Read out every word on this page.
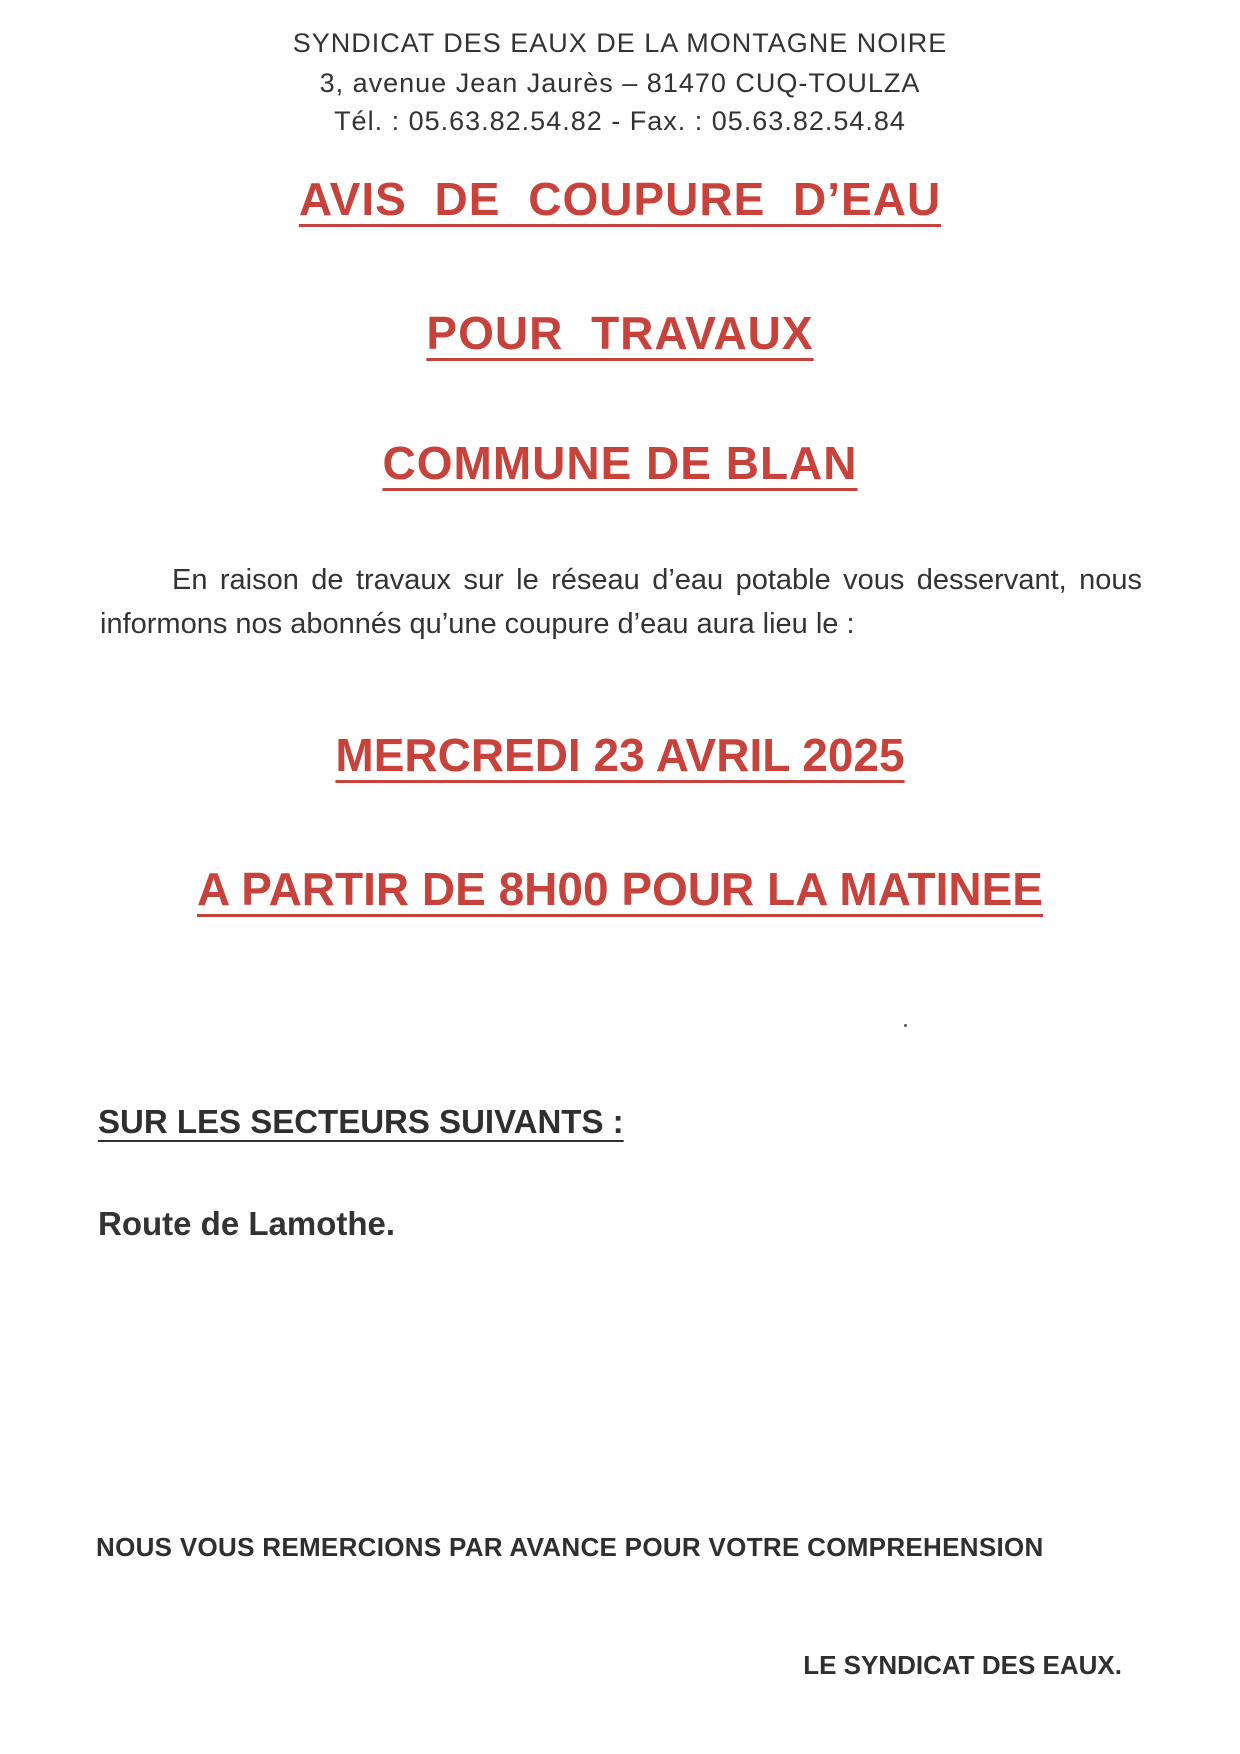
SYNDICAT DES EAUX DE LA MONTAGNE NOIRE
3, avenue Jean Jaurès – 81470 CUQ-TOULZA
Tél. : 05.63.82.54.82 - Fax. : 05.63.82.54.84
AVIS DE COUPURE D’EAU
POUR TRAVAUX
COMMUNE DE BLAN
En raison de travaux sur le réseau d’eau potable vous desservant, nous informons nos abonnés qu’une coupure d’eau aura lieu le :
MERCREDI 23 AVRIL 2025
A PARTIR DE 8H00 POUR LA MATINEE
SUR LES SECTEURS SUIVANTS :
Route de Lamothe.
NOUS VOUS REMERCIONS PAR AVANCE POUR VOTRE COMPREHENSION
LE SYNDICAT DES EAUX.
